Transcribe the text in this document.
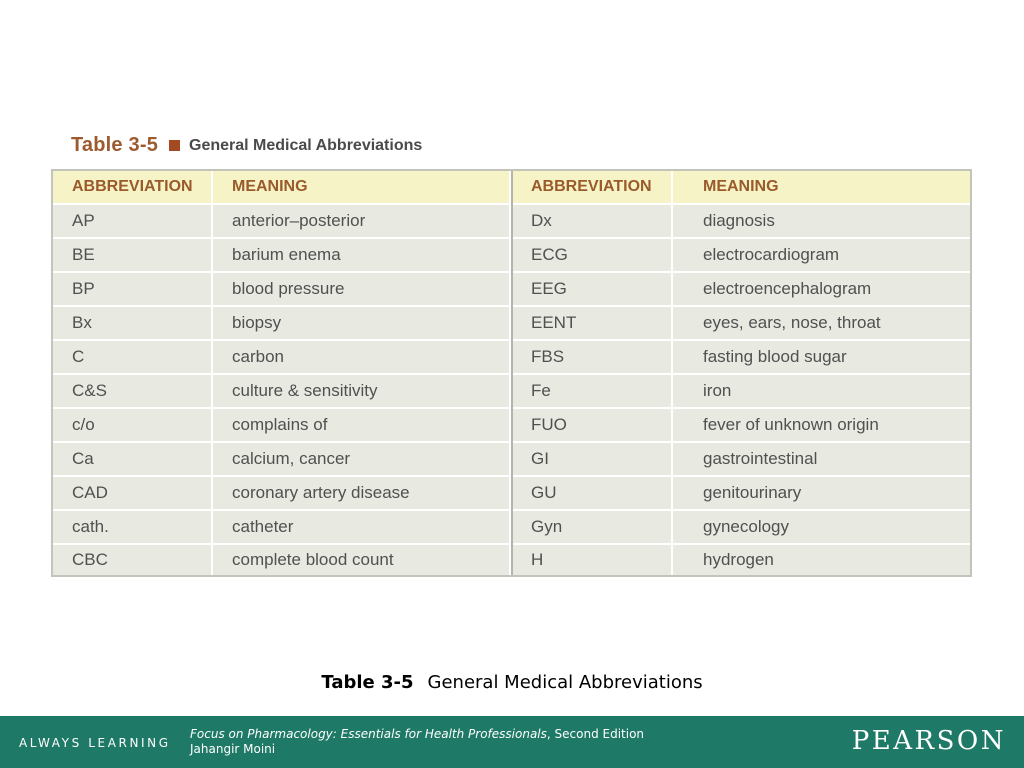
Table 3-5 General Medical Abbreviations
ABBREVIATION	MEANING	ABBREVIATION	MEANING
AP	anterior–posterior	Dx	diagnosis
BE	barium enema	ECG	electrocardiogram
BP	blood pressure	EEG	electroencephalogram
Bx	biopsy	EENT	eyes, ears, nose, throat
C	carbon	FBS	fasting blood sugar
C&S	culture & sensitivity	Fe	iron
c/o	complains of	FUO	fever of unknown origin
Ca	calcium, cancer	GI	gastrointestinal
CAD	coronary artery disease	GU	genitourinary
cath.	catheter	Gyn	gynecology
CBC	complete blood count	H	hydrogen
Table 3-5 General Medical Abbreviations
ALWAYS LEARNING
Focus on Pharmacology: Essentials for Health Professionals, Second Edition
Jahangir Moini	PEARSON
